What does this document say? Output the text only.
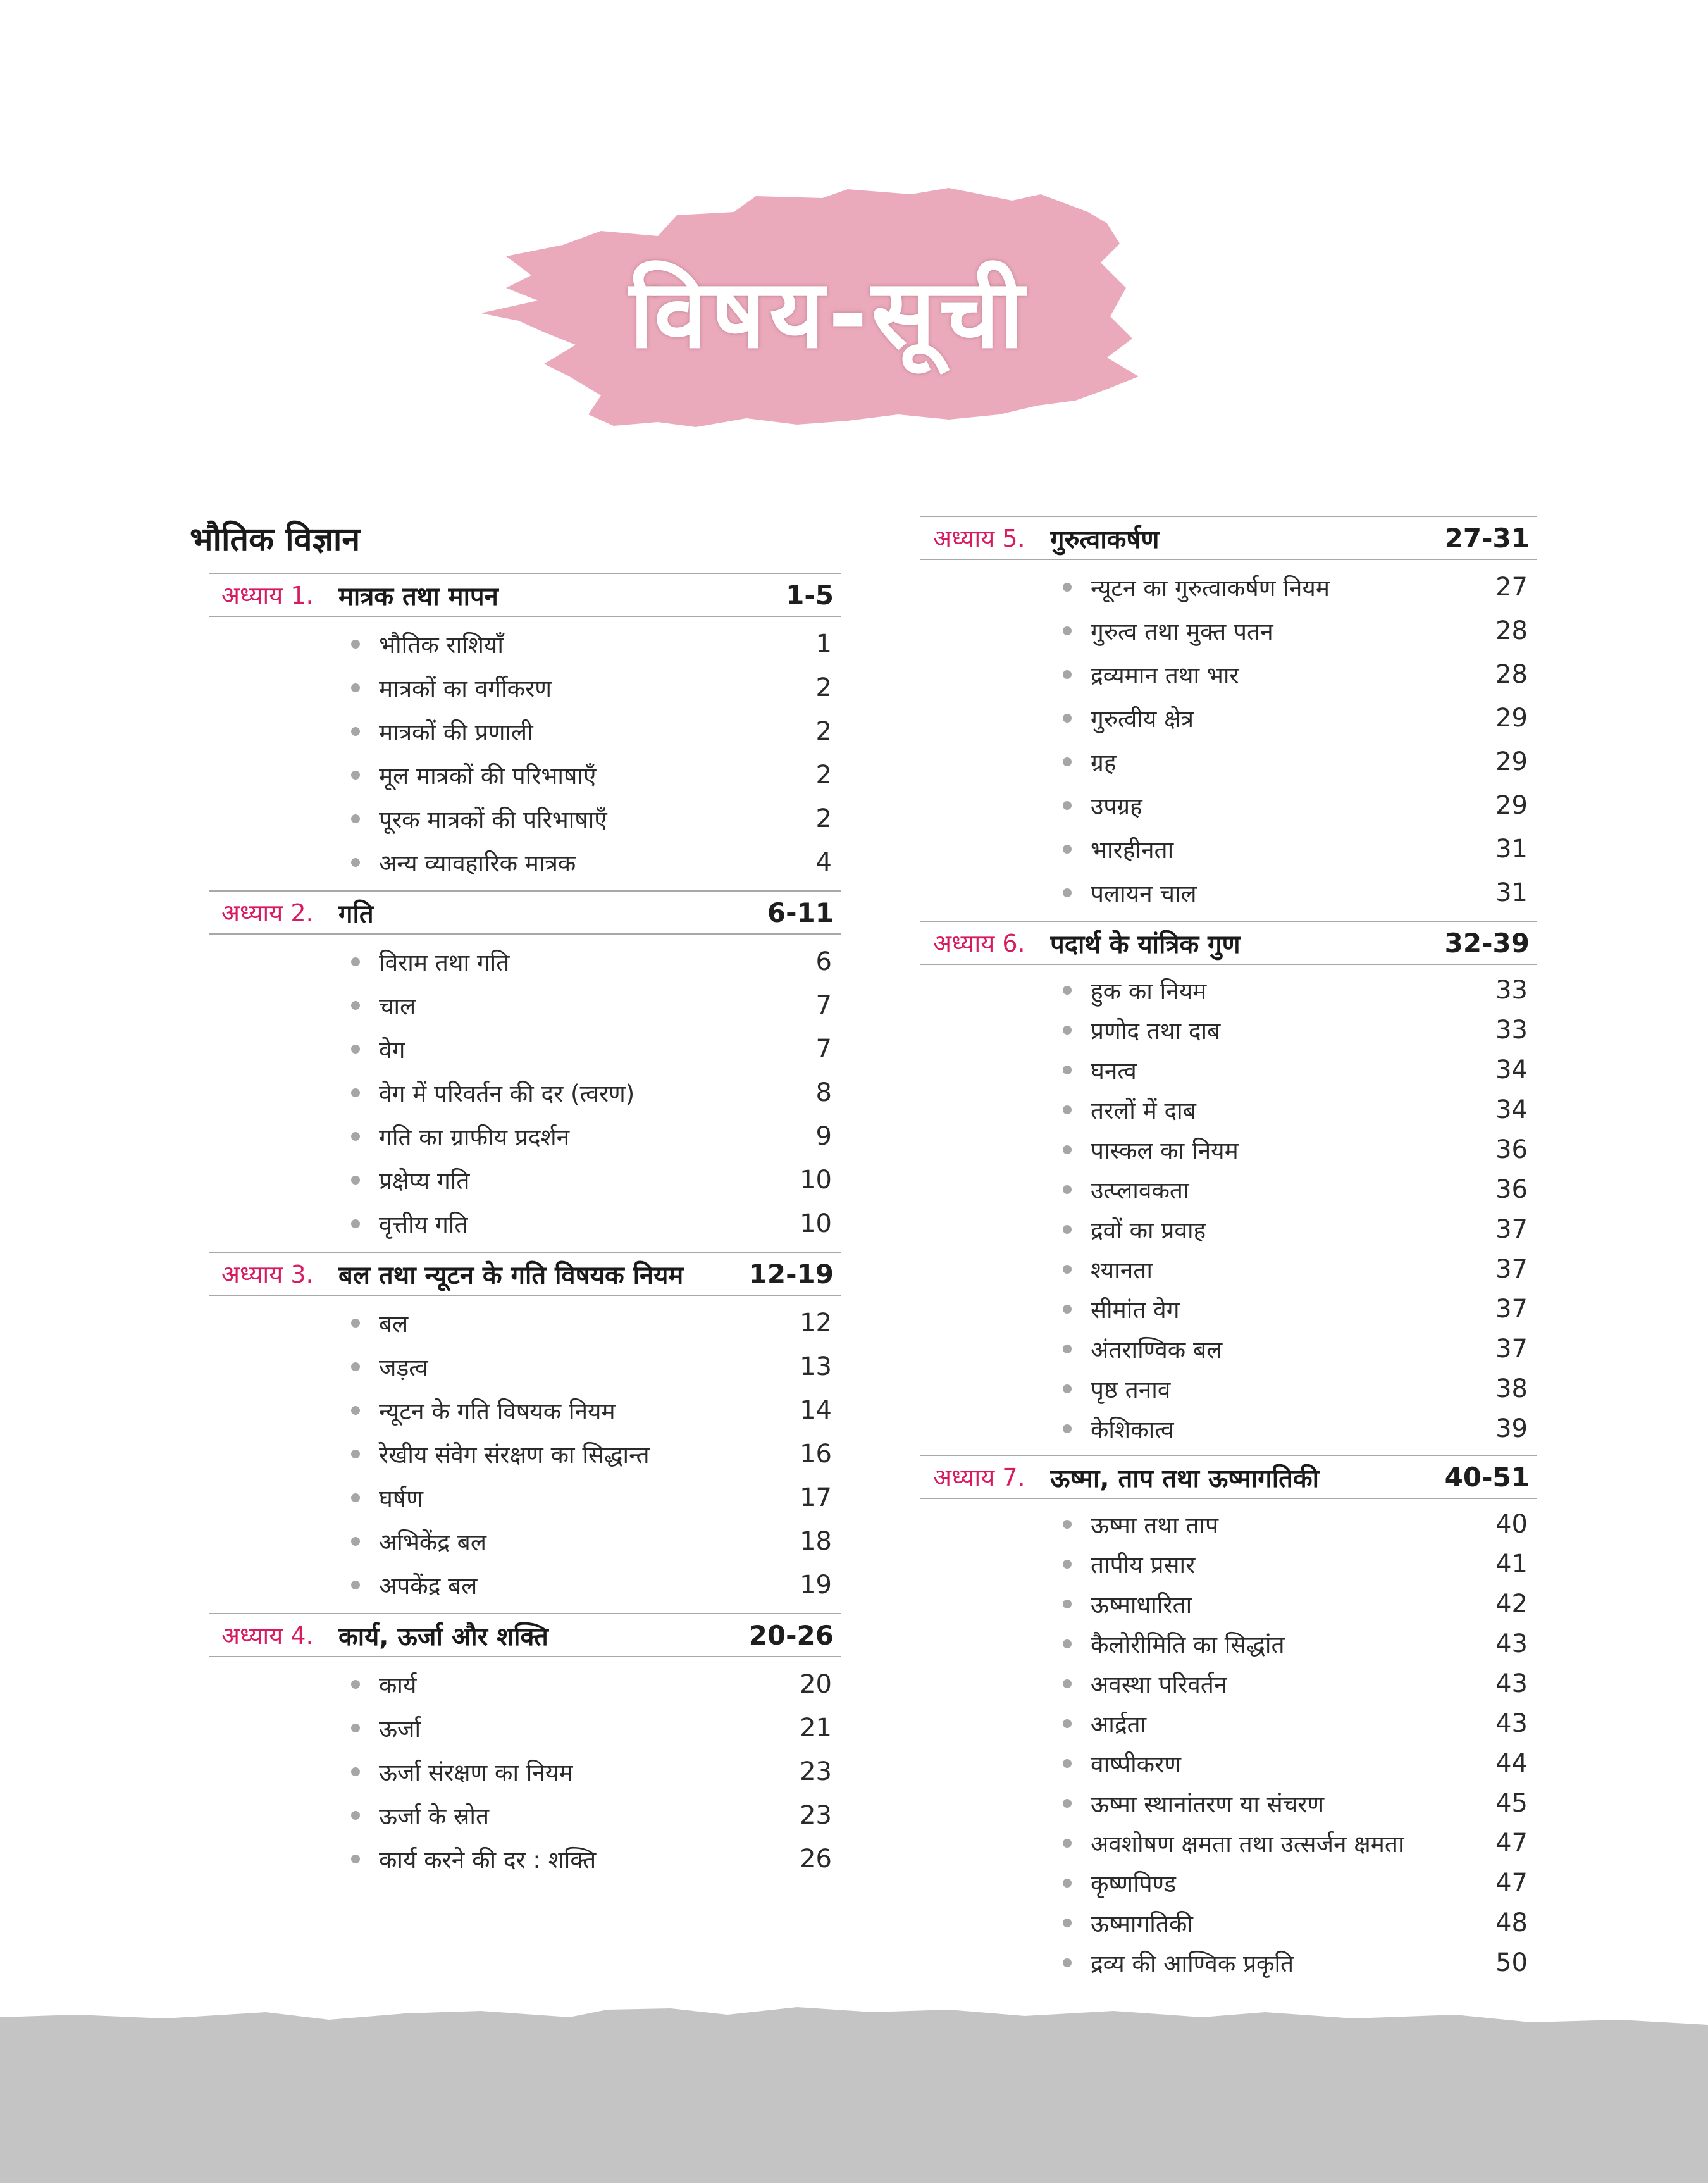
विषय-सूची
भौतिक विज्ञान
अध्याय 1. मात्रक तथा मापन	1-5
भौतिक राशियाँ	1
मात्रकों का वर्गीकरण	2
मात्रकों की प्रणाली	2
मूल मात्रकों की परिभाषाएँ	2
पूरक मात्रकों की परिभाषाएँ	2
अन्य व्यावहारिक मात्रक	4
अध्याय 2. गति	6-11
विराम तथा गति	6
चाल	7
वेग	7
वेग में परिवर्तन की दर (त्वरण)	8
गति का ग्राफीय प्रदर्शन	9
प्रक्षेप्य गति	10
वृत्तीय गति	10
अध्याय 3. बल तथा न्यूटन के गति विषयक नियम	12-19
बल	12
जड़त्व	13
न्यूटन के गति विषयक नियम	14
रेखीय संवेग संरक्षण का सिद्धान्त	16
घर्षण	17
अभिकेंद्र बल	18
अपकेंद्र बल	19
अध्याय 4. कार्य, ऊर्जा और शक्ति	20-26
कार्य	20
ऊर्जा	21
ऊर्जा संरक्षण का नियम	23
ऊर्जा के स्रोत	23
कार्य करने की दर : शक्ति	26
अध्याय 5. गुरुत्वाकर्षण	27-31
न्यूटन का गुरुत्वाकर्षण नियम	27
गुरुत्व तथा मुक्त पतन	28
द्रव्यमान तथा भार	28
गुरुत्वीय क्षेत्र	29
ग्रह	29
उपग्रह	29
भारहीनता	31
पलायन चाल	31
अध्याय 6. पदार्थ के यांत्रिक गुण	32-39
हुक का नियम	33
प्रणोद तथा दाब	33
घनत्व	34
तरलों में दाब	34
पास्कल का नियम	36
उत्प्लावकता	36
द्रवों का प्रवाह	37
श्यानता	37
सीमांत वेग	37
अंतराण्विक बल	37
पृष्ठ तनाव	38
केशिकात्व	39
अध्याय 7. ऊष्मा, ताप तथा ऊष्मागतिकी	40-51
ऊष्मा तथा ताप	40
तापीय प्रसार	41
ऊष्माधारिता	42
कैलोरीमिति का सिद्धांत	43
अवस्था परिवर्तन	43
आर्द्रता	43
वाष्पीकरण	44
ऊष्मा स्थानांतरण या संचरण	45
अवशोषण क्षमता तथा उत्सर्जन क्षमता	47
कृष्णपिण्ड	47
ऊष्मागतिकी	48
द्रव्य की आण्विक प्रकृति	50
